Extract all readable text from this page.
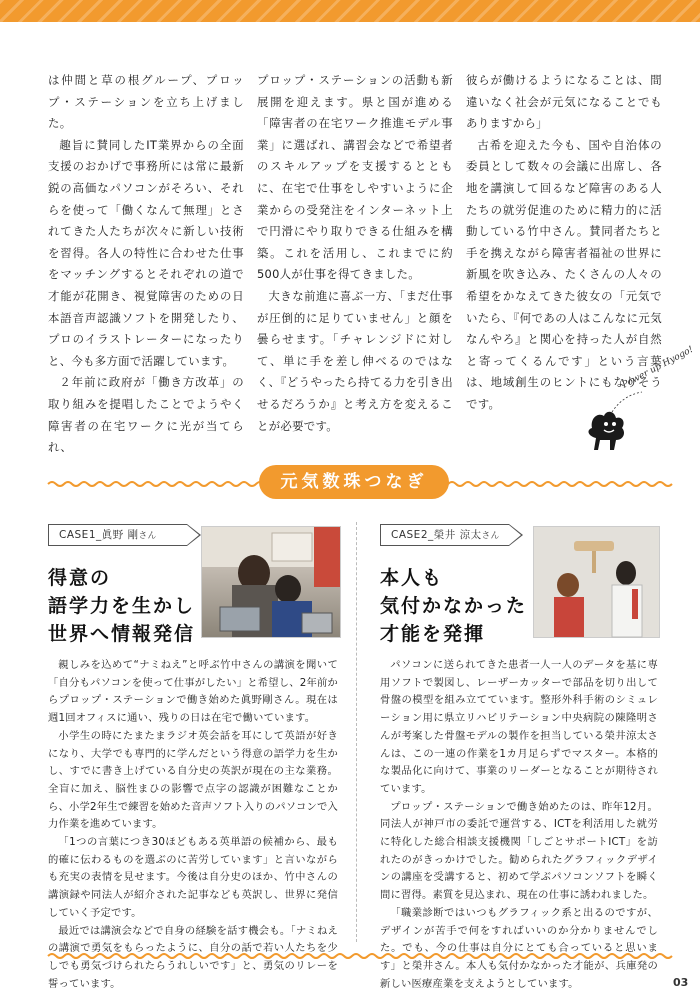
は仲間と草の根グループ、プロップ・ステーションを立ち上げました。

趣旨に賛同したIT業界からの全面支援のおかげで事務所には常に最新鋭の高価なパソコンがそろい、それらを使って「働くなんて無理」とされてきた人たちが次々に新しい技術を習得。各人の特性に合わせた仕事をマッチングするとそれぞれの道で才能が花開き、視覚障害のための日本語音声認識ソフトを開発したり、プロのイラストレーターになったりと、今も多方面で活躍しています。

２年前に政府が「働き方改革」の取り組みを提唱したことでようやく障害者の在宅ワークに光が当てられ、

プロップ・ステーションの活動も新展開を迎えます。県と国が進める「障害者の在宅ワーク推進モデル事業」に選ばれ、講習会などで希望者のスキルアップを支援するとともに、在宅で仕事をしやすいように企業からの受発注をインターネット上で円滑にやり取りできる仕組みを構築。これを活用し、これまでに約500人が仕事を得てきました。

大きな前進に喜ぶ一方、「まだ仕事が圧倒的に足りていません」と顔を曇らせます。「チャレンジドに対して、単に手を差し伸べるのではなく、『どうやったら持てる力を引き出せるだろうか』と考え方を変えることが必要です。

彼らが働けるようになることは、間違いなく社会が元気になることでもありますから」

古希を迎えた今も、国や自治体の委員として数々の会議に出席し、各地を講演して回るなど障害のある人たちの就労促進のために精力的に活動している竹中さん。賛同者たちと手を携えながら障害者福祉の世界に新風を吹き込み、たくさんの人々の希望をかなえてきた彼女の「元気でいたら、『何であの人はこんなに元気なんやろ』と関心を持った人が自然と寄ってくるんです」という言葉は、地域創生のヒントにもなりそうです。

Power up Hyogo!
元気数珠つなぎ
CASE1_眞野 剛さん
得意の
語学力を生かし
世界へ情報発信

親しみを込めて“ナミねえ”と呼ぶ竹中さんの講演を聞いて「自分もパソコンを使って仕事がしたい」と希望し、2年前からプロップ・ステーションで働き始めた眞野剛さん。現在は週1回オフィスに通い、残りの日は在宅で働いています。

小学生の時にたまたまラジオ英会話を耳にして英語が好きになり、大学でも専門的に学んだという得意の語学力を生かし、すでに書き上げている自分史の英訳が現在の主な業務。全盲に加え、脳性まひの影響で点字の認識が困難なことから、小学2年生で練習を始めた音声ソフト入りのパソコンで入力作業を進めています。

「1つの言葉につき30ほどもある英単語の候補から、最も的確に伝わるものを選ぶのに苦労しています」と言いながらも充実の表情を見せます。今後は自分史のほか、竹中さんの講演録や同法人が紹介された記事なども英訳し、世界に発信していく予定です。

最近では講演会などで自身の経験を話す機会も。「ナミねえの講演で勇気をもらったように、自分の話で若い人たちを少しでも勇気づけられたらうれしいです」と、勇気のリレーを誓っています。

CASE2_榮井 涼太さん
本人も
気付かなかった
才能を発揮

パソコンに送られてきた患者一人一人のデータを基に専用ソフトで製図し、レーザーカッターで部品を切り出して骨盤の模型を組み立てています。整形外科手術のシミュレーション用に県立リハビリテーション中央病院の陳隆明さんが考案した骨盤モデルの製作を担当している榮井涼太さんは、この一連の作業を1カ月足らずでマスター。本格的な製品化に向けて、事業のリーダーとなることが期待されています。

プロップ・ステーションで働き始めたのは、昨年12月。同法人が神戸市の委託で運営する、ICTを利活用した就労に特化した総合相談支援機関「しごとサポートICT」を訪れたのがきっかけでした。勧められたグラフィックデザインの講座を受講すると、初めて学ぶパソコンソフトを瞬く間に習得。素質を見込まれ、現在の仕事に誘われました。

「職業診断ではいつもグラフィック系と出るのですが、デザインが苦手で何をすればいいのか分かりませんでした。でも、今の仕事は自分にとても合っていると思います」と榮井さん。本人も気付かなかった才能が、兵庫発の新しい医療産業を支えようとしています。	03
